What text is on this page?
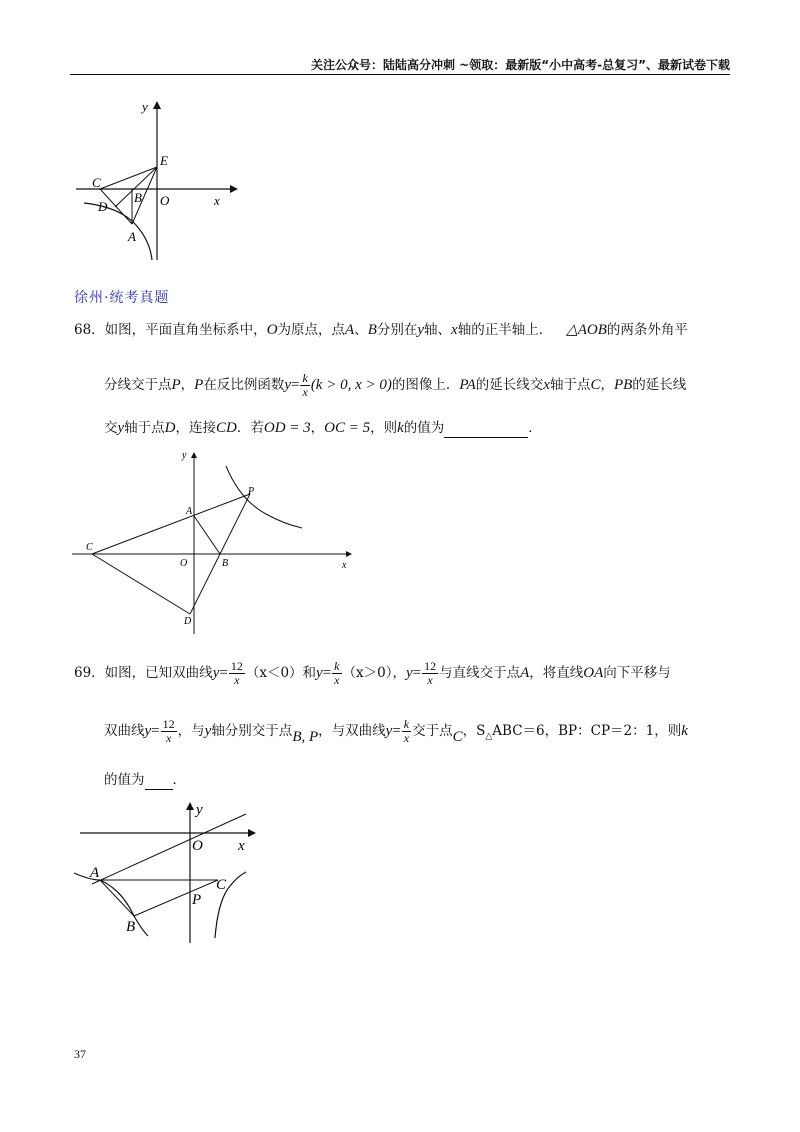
关注公众号：陆陆高分冲刺 ~领取：最新版“小中高考-总复习”、最新试卷下载
y
x
C
E
B O
D
A
徐州·统考真题
68．如图，平面直角坐标系中，O为原点，点A、B分别在y轴、x轴的正半轴上． △AOB的两条外角平
分线交于点P，P在反比例函数$y= \frac{k}{x} (k > 0$, x > 0)的图像上．PA的延长线交x轴于点C，PB的延长线
交y轴于点D，连接CD．若OD = 3，OC = 5，则k的值为	．
y
x
A
P
C
O	B
D
69．如图，已知双曲线$y= \frac{12}{x} (x<0)$和$y= \frac{k}{x} (x>0)$，$y= \frac{12}{x}$ 与直线交于点A，将直线OA向下平移与
双曲线$y= \frac{12}{x}$ ，与y轴分别交于点B, P，与双曲线$y= \frac{k}{x}$ 交于点C，$S_\triangle ABC=6$，BP：CP＝2：1，则k
的值为 ．
y
x
O
A
C
P
B
37
